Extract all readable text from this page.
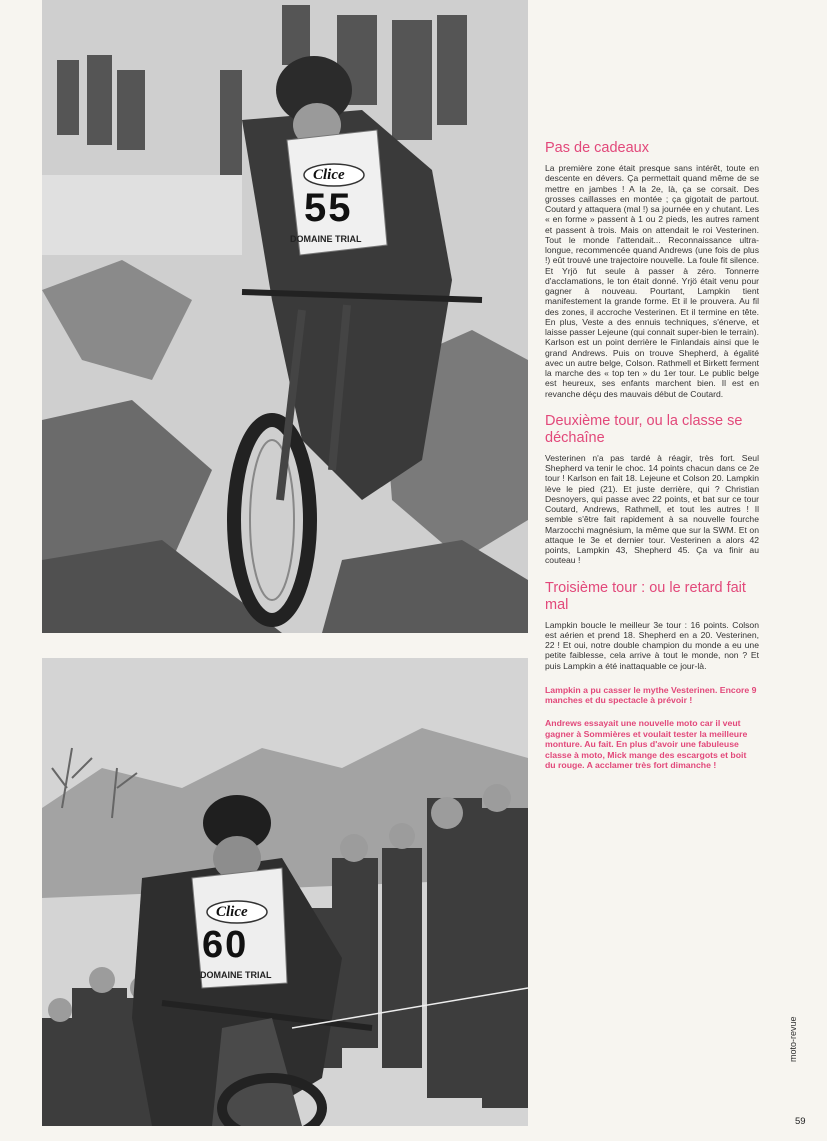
Clice
55
DOMAINE TRIAL
Clice
60
DOMAINE TRIAL
Pas de cadeaux

La première zone était presque sans intérêt, toute en descente en dévers. Ça permettait quand même de se mettre en jambes ! A la 2e, là, ça se corsait. Des grosses caillasses en montée ; ça gigotait de partout. Coutard y attaquera (mal !) sa journée en y chutant. Les « en forme » passent à 1 ou 2 pieds, les autres rament et passent à trois. Mais on attendait le roi Vesterinen. Tout le monde l'attendait... Reconnaissance ultra-longue, recommencée quand Andrews (une fois de plus !) eût trouvé une trajectoire nouvelle. La foule fit silence. Et Yrjö fut seule à passer à zéro. Tonnerre d'acclamations, le ton était donné. Yrjö était venu pour gagner à nouveau. Pourtant, Lampkin tient manifestement la grande forme. Et il le prouvera. Au fil des zones, il accroche Vesterinen. Et il termine en tête. En plus, Veste a des ennuis techniques, s'énerve, et laisse passer Lejeune (qui connait super-bien le terrain). Karlson est un point derrière le Finlandais ainsi que le grand Andrews. Puis on trouve Shepherd, à égalité avec un autre belge, Colson. Rathmell et Birkett ferment la marche des « top ten » du 1er tour. Le public belge est heureux, ses enfants marchent bien. Il est en revanche déçu des mauvais début de Coutard.

Deuxième tour, ou la classe se déchaîne

Vesterinen n'a pas tardé à réagir, très fort. Seul Shepherd va tenir le choc. 14 points chacun dans ce 2e tour ! Karlson en fait 18. Lejeune et Colson 20. Lampkin lève le pied (21). Et juste derrière, qui ? Christian Desnoyers, qui passe avec 22 points, et bat sur ce tour Coutard, Andrews, Rathmell, et tout les autres ! Il semble s'être fait rapidement à sa nouvelle fourche Marzocchi magnésium, la même que sur la SWM. Et on attaque le 3e et dernier tour. Vesterinen a alors 42 points, Lampkin 43, Shepherd 45. Ça va finir au couteau !

Troisième tour : ou le retard fait mal

Lampkin boucle le meilleur 3e tour : 16 points. Colson est aérien et prend 18. Shepherd en a 20. Vesterinen, 22 ! Et oui, notre double champion du monde a eu une petite faiblesse, cela arrive à tout le monde, non ? Et puis Lampkin a été inattaquable ce jour-là.

Lampkin a pu casser le mythe Vesterinen. Encore 9 manches et du spectacle à prévoir !

Andrews essayait une nouvelle moto car il veut gagner à Sommières et voulait tester la meilleure monture. Au fait. En plus d'avoir une fabuleuse classe à moto, Mick mange des escargots et boit du rouge. A acclamer très fort dimanche !

moto-revue
59
